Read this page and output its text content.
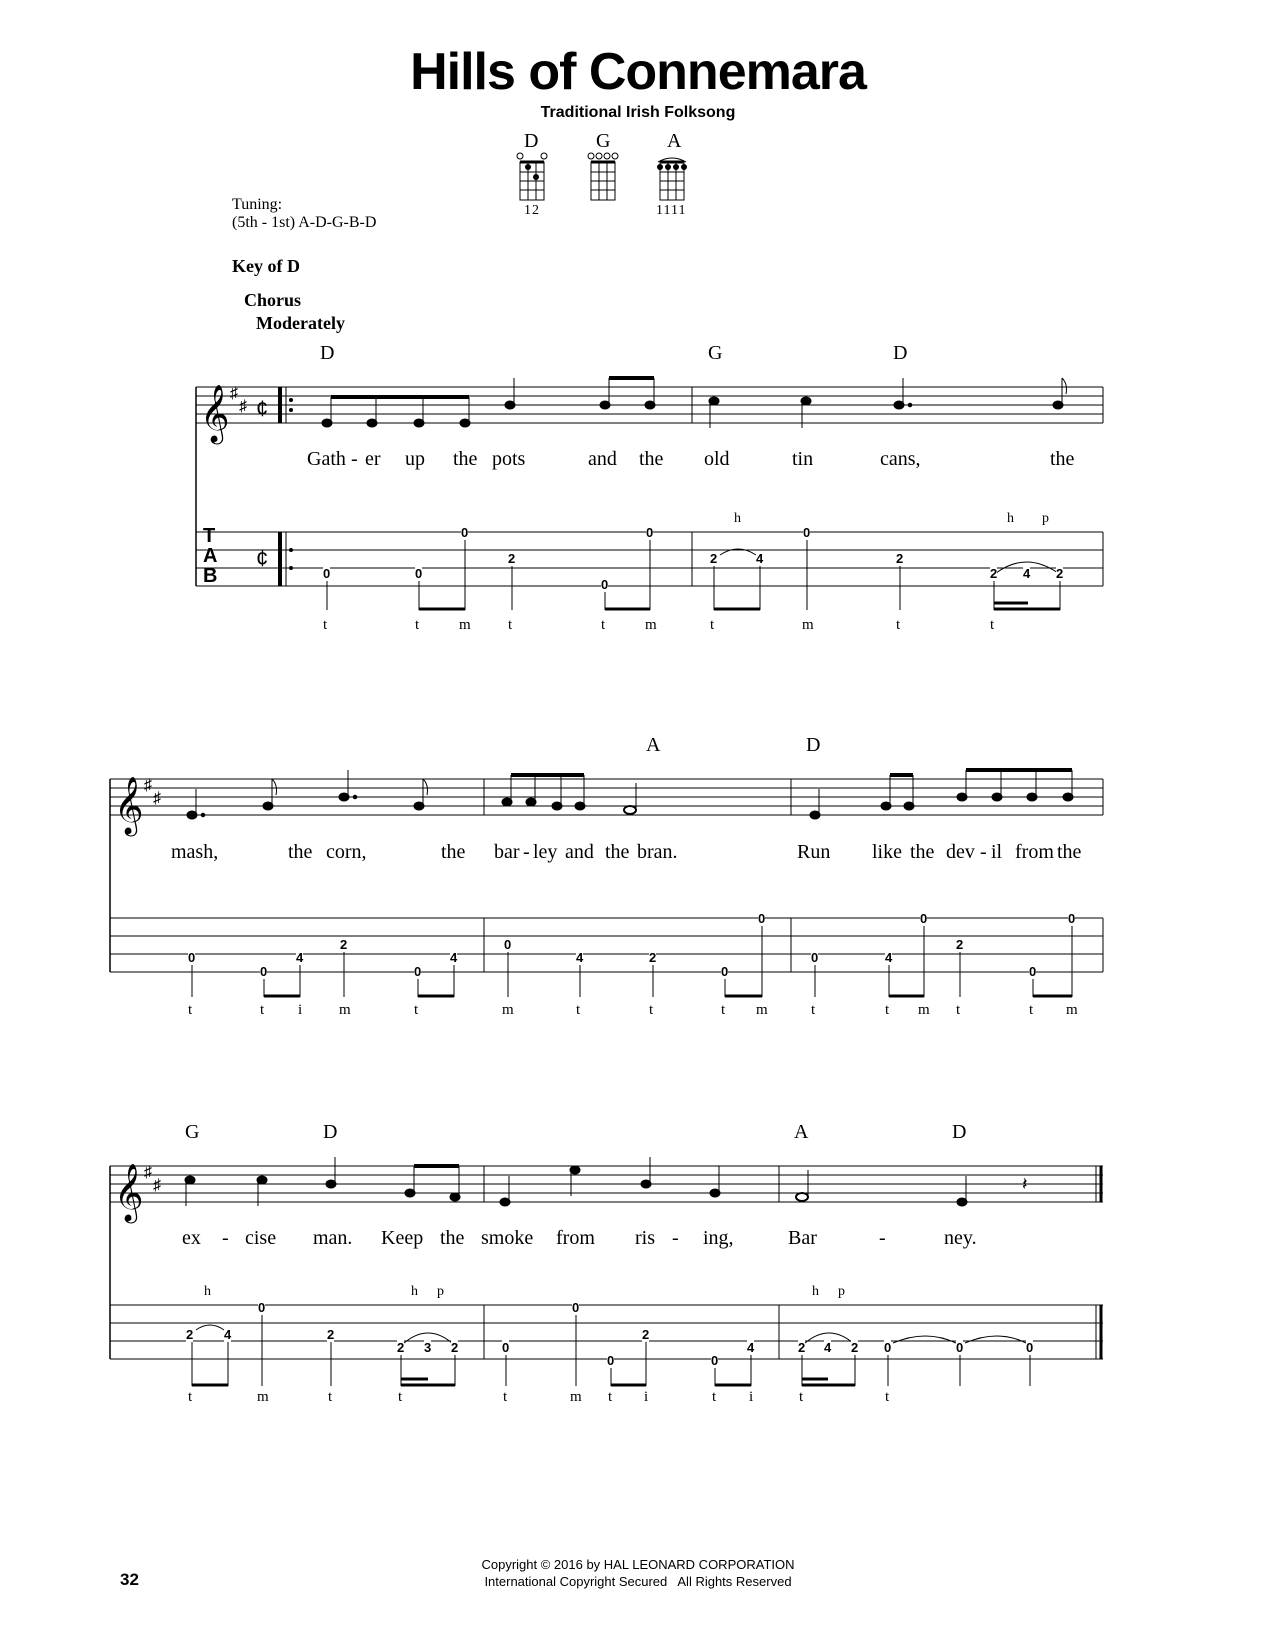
Hills of Connemara
Traditional Irish Folksong
D	G	A
12	1111
Tuning:
(5th - 1st) A-D-G-B-D
Key of D
Chorus
Moderately
D	G	D
Gath - er up the pots	and the old	tin	cans,	the
𝄞 ♯
♯ ¢
T
A
B
¢
0	0
0
2
0
0
2	4
0
2
2 4 2
h	h p
t	t	m t	t	m	t	m	t	t
A	D
mash,	the corn,	the bar - ley and the bran.	Run like the dev - il from the
𝄞 ♯
♯
0
0
4
2
0
4
0
4	2
0
0
0	4
0
2
0
0
t	t i m	t	m	t	t	t m	t	t m t	t m
G	D	A	D
ex - cise man. Keep the smoke from ris - ing,	Bar	-	ney.
𝄞 ♯
♯	𝄽
2 4
0
2
2 3 2	0
0
0
2
0
4	2 4 2 0	0	0
h	h p	h p
t	m	t	t	t	m t i	t i	t	t
Copyright © 2016 by HAL LEONARD CORPORATION
International Copyright Secured   All Rights Reserved
32
